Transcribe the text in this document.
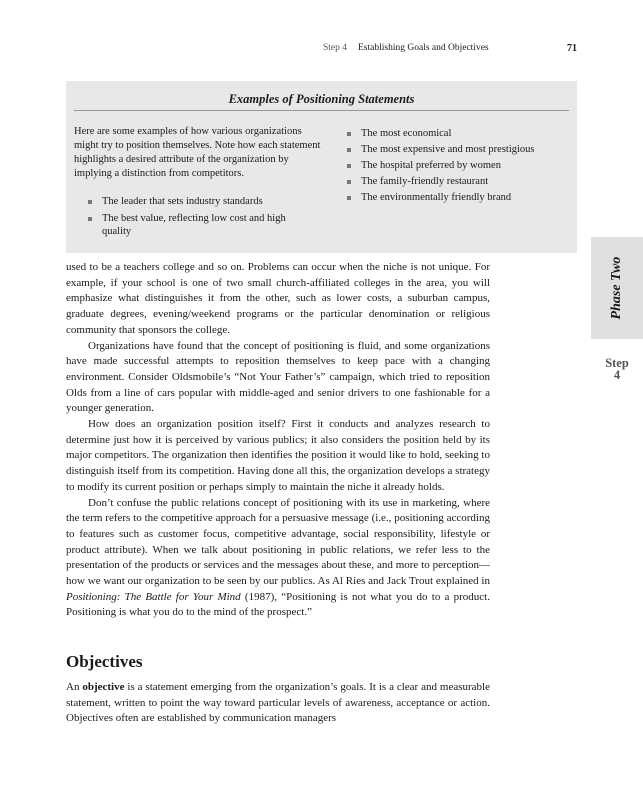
Step 4 Establishing Goals and Objectives	71
Examples of Positioning Statements

Here are some examples of how various organizations might try to position themselves. Note how each statement highlights a desired attribute of the organization by implying a distinction from competitors.

The leader that sets industry standards
The best value, reflecting low cost and high quality
The most economical
The most expensive and most prestigious
The hospital preferred by women
The family-friendly restaurant
The environmentally friendly brand
Phase Two
Step
4

used to be a teachers college and so on. Problems can occur when the niche is not unique. For example, if your school is one of two small church-affiliated colleges in the area, you will emphasize what distinguishes it from the other, such as lower costs, a suburban campus, graduate degrees, evening/weekend programs or the particular denomination or religious community that sponsors the college.

Organizations have found that the concept of positioning is fluid, and some organizations have made successful attempts to reposition themselves to keep pace with a changing environment. Consider Oldsmobile’s “Not Your Father’s” campaign, which tried to reposition Olds from a line of cars popular with middle-aged and senior drivers to one fashionable for a younger generation.

How does an organization position itself? First it conducts and analyzes research to determine just how it is perceived by various publics; it also considers the position held by its major competitors. The organization then identifies the position it would like to hold, seeking to distinguish itself from its competition. Having done all this, the organization develops a strategy to modify its current position or perhaps simply to maintain the niche it already holds.

Don’t confuse the public relations concept of positioning with its use in marketing, where the term refers to the competitive approach for a persuasive message (i.e., positioning according to features such as customer focus, competitive advantage, social responsibility, lifestyle or product attribute). When we talk about positioning in public relations, we refer less to the presentation of the products or services and the messages about these, and more to perception—how we want our organization to be seen by our publics. As Al Ries and Jack Trout explained in Positioning: The Battle for Your Mind (1987), “Positioning is not what you do to a product. Positioning is what you do to the mind of the prospect.”

Objectives

An objective is a statement emerging from the organization’s goals. It is a clear and measurable statement, written to point the way toward particular levels of awareness, acceptance or action. Objectives often are established by communication managers
